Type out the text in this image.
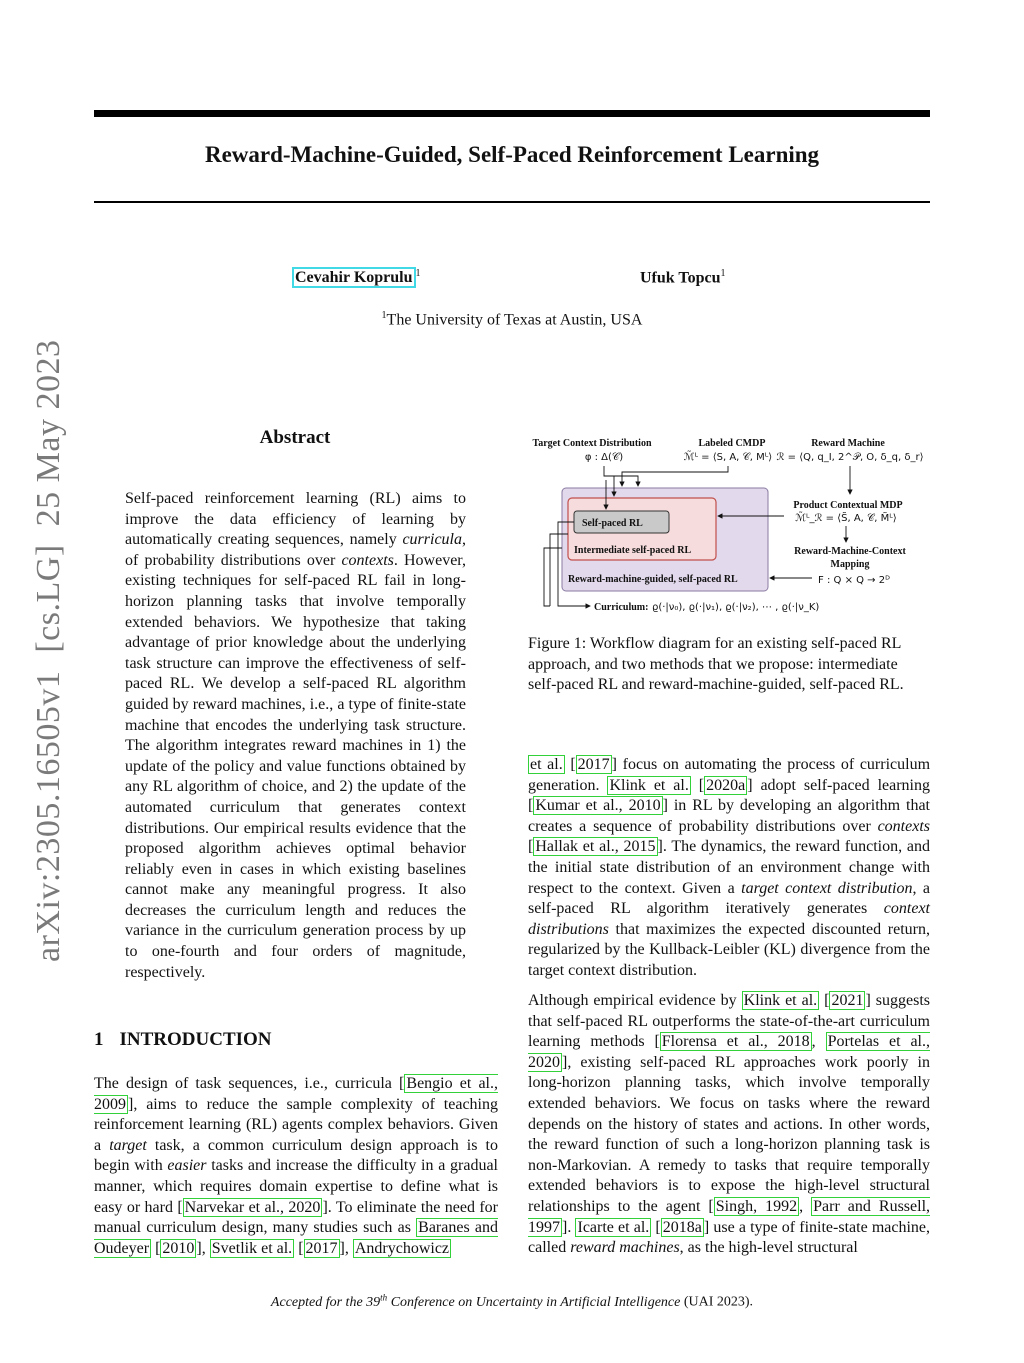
Reward-Machine-Guided, Self-Paced Reinforcement Learning
Cevahir Koprulu $^1$	Ufuk Topcu$^1$
$^1$The University of Texas at Austin, USA
arXiv:2305.16505v1  [cs.LG]  25 May 2023	Abstract
Self-paced reinforcement learning (RL) aims to improve the data efficiency of learning by automatically creating sequences, namely curricula, of probability distributions over contexts. However, existing techniques for self-paced RL fail in long-horizon planning tasks that involve temporally extended behaviors. We hypothesize that taking advantage of prior knowledge about the underlying task structure can improve the effectiveness of self-paced RL. We develop a self-paced RL algorithm guided by reward machines, i.e., a type of finite-state machine that encodes the underlying task structure. The algorithm integrates reward machines in 1) the update of the policy and value functions obtained by any RL algorithm of choice, and 2) the update of the automated curriculum that generates context distributions. Our empirical results evidence that the proposed algorithm achieves optimal behavior reliably even in cases in which existing baselines cannot make any meaningful progress. It also decreases the curriculum length and reduces the variance in the curriculum generation process by up to one-fourth and four orders of magnitude, respectively.
1 INTRODUCTION
The design of task sequences, i.e., curricula [ Bengio et al., 2009 ], aims to reduce the sample complexity of teaching reinforcement learning (RL) agents complex behaviors. Given a target task, a common curriculum design approach is to begin with easier tasks and increase the difficulty in a gradual manner, which requires domain expertise to define what is easy or hard [ Narvekar et al., 2020 ]. To eliminate the need for manual curriculum design, many studies such as Baranes and Oudeyer [ 2010 ], Svetlik et al. [ 2017 ], Andrychowicz
Target Context Distribution
φ : Δ(𝒞)
Labeled CMDP
ℳ̃ᴸ = ⟨S, A, 𝒞, Mᴸ⟩
Reward Machine
ℛ = ⟨Q, q_I, 2^𝒫, O, δ_q, δ_r⟩
Self-paced RL
Intermediate self-paced RL
Reward-machine-guided, self-paced RL
Product Contextual MDP
ℳ̃ᴸ_ℛ = ⟨S̃, A, 𝒞, M̃ᴸ⟩
Reward-Machine-Context
Mapping
F : Q × Q → 2ᴰ
Curriculum: ϱ(·|ν₀), ϱ(·|ν₁), ϱ(·|ν₂), ⋯ , ϱ(·|ν_K)
Figure 1: Workflow diagram for an existing self-paced RL approach, and two methods that we propose: intermediate self-paced RL and reward-machine-guided, self-paced RL.
et al. [ 2017 ] focus on automating the process of curriculum generation. Klink et al. [ 2020a ] adopt self-paced learning [ Kumar et al., 2010 ] in RL by developing an algorithm that creates a sequence of probability distributions over contexts [ Hallak et al., 2015 ]. The dynamics, the reward function, and the initial state distribution of an environment change with respect to the context. Given a target context distribution, a self-paced RL algorithm iteratively generates context distributions that maximizes the expected discounted return, regularized by the Kullback-Leibler (KL) divergence from the target context distribution.
Although empirical evidence by Klink et al. [ 2021 ] suggests that self-paced RL outperforms the state-of-the-art curriculum learning methods [ Florensa et al., 2018 , Portelas et al., 2020 ], existing self-paced RL approaches work poorly in long-horizon planning tasks, which involve temporally extended behaviors. We focus on tasks where the reward depends on the history of states and actions. In other words, the reward function of such a long-horizon planning task is non-Markovian. A remedy to tasks that require temporally extended behaviors is to expose the high-level structural relationships to the agent [ Singh, 1992 , Parr and Russell, 1997 ]. Icarte et al. [ 2018a ] use a type of finite-state machine, called reward machines, as the high-level structural
Accepted for the 39th Conference on Uncertainty in Artificial Intelligence (UAI 2023).
